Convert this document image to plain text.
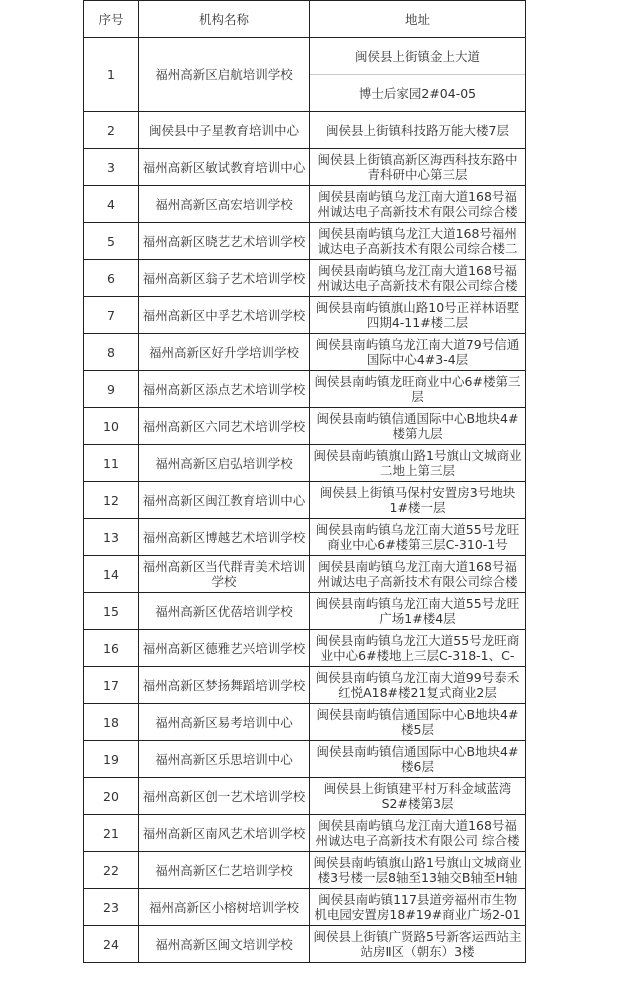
序号	机构名称	地址

1	福州高新区启航培训学校	闽侯县上街镇金上大道
博士后家园2#04-05

2	闽侯县中子星教育培训中心	闽侯县上街镇科技路万能大楼7层

3	福州高新区敏试教育培训中心	闽侯县上街镇高新区海西科技东路中青科研中心第三层

4	福州高新区高宏培训学校	闽侯县南屿镇乌龙江南大道168号福州诚达电子高新技术有限公司综合楼

5	福州高新区晓艺艺术培训学校	闽侯县南屿镇乌龙江大道168号福州诚达电子高新技术有限公司综合楼二

6	福州高新区翁子艺术培训学校	闽侯县南屿镇乌龙江南大道168号福州诚达电子高新技术有限公司综合楼

7	福州高新区中孚艺术培训学校	闽侯县南屿镇旗山路10号正祥林语墅四期4-11#楼二层

8	福州高新区好升学培训学校	闽侯县南屿镇乌龙江南大道79号信通国际中心4#3-4层

9	福州高新区添点艺术培训学校	闽侯县南屿镇龙旺商业中心6#楼第三层

10	福州高新区六同艺术培训学校	闽侯县南屿镇信通国际中心B地块4#楼第九层

11	福州高新区启弘培训学校	闽侯县南屿镇旗山路1号旗山文城商业二地上第三层

12	福州高新区闽江教育培训中心	闽侯县上街镇马保村安置房3号地块1#楼一层

13	福州高新区博越艺术培训学校	闽侯县南屿镇乌龙江南大道55号龙旺商业中心6#楼第三层C-310-1号

14	福州高新区当代群青美术培训学校	闽侯县南屿镇乌龙江南大道168号福州诚达电子高新技术有限公司综合楼

15	福州高新区优蓓培训学校	闽侯县南屿镇乌龙江南大道55号龙旺广场1#楼4层

16	福州高新区德雅艺兴培训学校	闽侯县南屿镇乌龙江大道55号龙旺商业中心6#楼地上三层C-318-1、C-

17	福州高新区梦扬舞蹈培训学校	闽侯县南屿镇乌龙江南大道99号泰禾红悦A18#楼21复式商业2层

18	福州高新区易考培训中心	闽侯县南屿镇信通国际中心B地块4#楼5层

19	福州高新区乐思培训中心	闽侯县南屿镇信通国际中心B地块4#楼6层

20	福州高新区创一艺术培训学校	闽侯县上街镇建平村万科金域蓝湾S2#楼第3层

21	福州高新区南风艺术培训学校	闽侯县南屿镇乌龙江南大道168号福州诚达电子高新技术有限公司 综合楼

22	福州高新区仁艺培训学校	闽侯县南屿镇旗山路1号旗山文城商业楼3号楼一层8轴至13轴交B轴至H轴

23	福州高新区小榕树培训学校	闽侯县南屿镇117县道旁福州市生物机电园安置房18#19#商业广场2-01

24	福州高新区闽文培训学校	闽侯县上街镇广贤路5号新客运西站主站房Ⅱ区（朝东）3楼
